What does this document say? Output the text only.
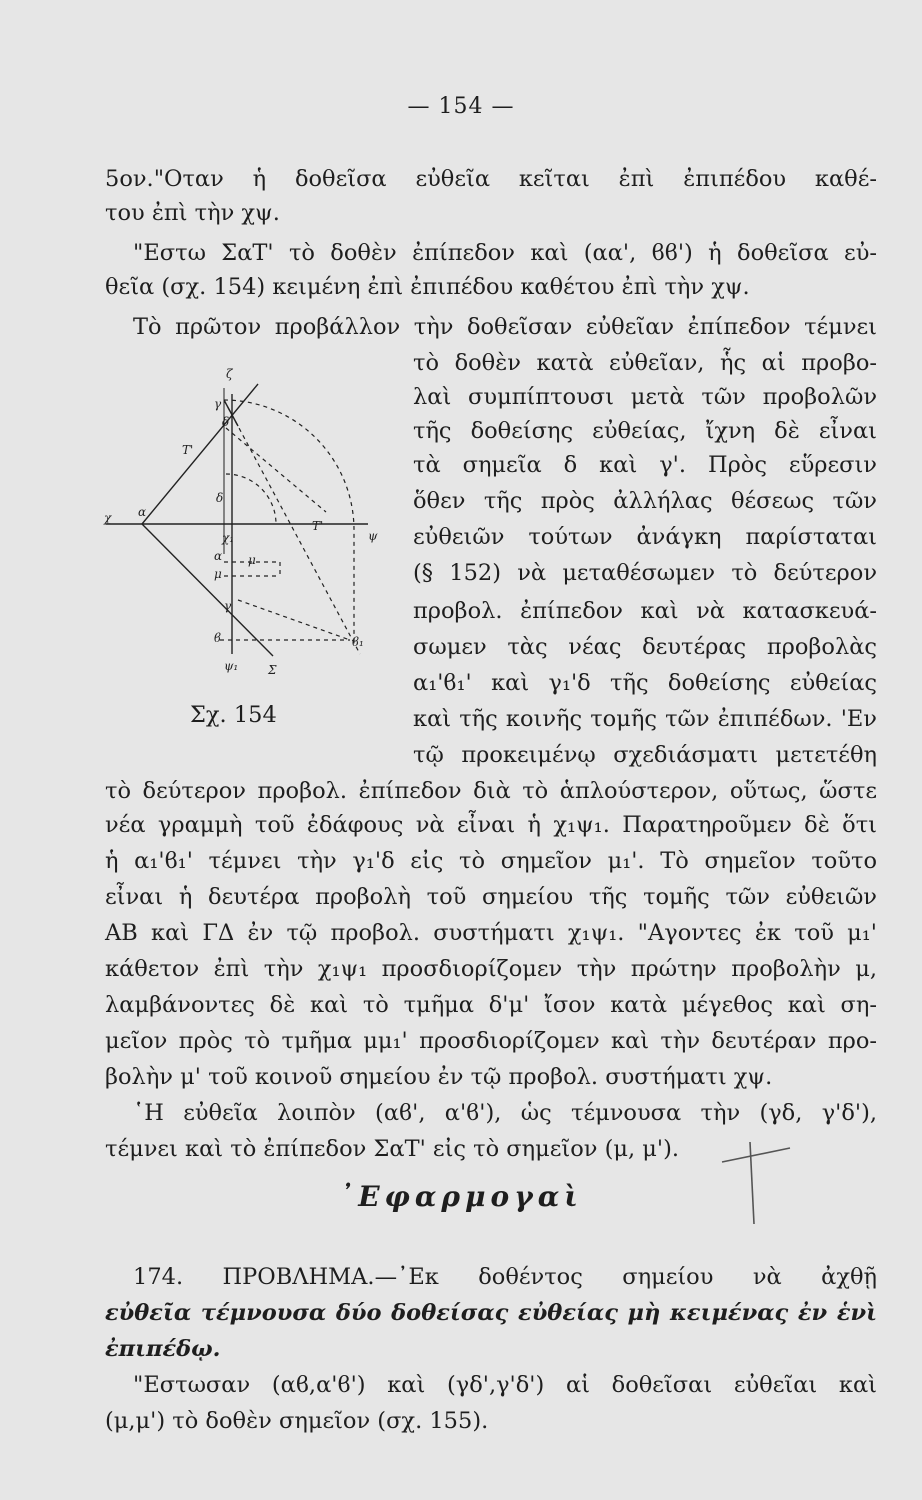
— 154 —
5ον."Οταν ἡ δοθεῖσα εὐθεῖα κεῖται ἐπὶ ἐπιπέδου καθέ-
του ἐπὶ τὴν χψ.
"Εστω ΣαΤ' τὸ δοθὲν ἐπίπεδον καὶ (αα', ϐϐ') ἡ δοθεῖσα εὐ-
θεῖα (σχ. 154) κειμένη ἐπὶ ἐπιπέδου καθέτου ἐπὶ τὴν χψ.
Τὸ πρῶτον προβάλλον τὴν δοθεῖσαν εὐθεῖαν ἐπίπεδον τέμνει
τὸ δοθὲν κατὰ εὐθεῖαν, ἧς αἱ προβο-
λαὶ συμπίπτουσι μετὰ τῶν προβολῶν
τῆς δοθείσης εὐθείας, ἴχνη δὲ εἶναι
τὰ σημεῖα δ καὶ γ'. Πρὸς εὕρεσιν
ὅθεν τῆς πρὸς ἀλλήλας θέσεως τῶν
εὐθειῶν τούτων ἀνάγκη παρίσταται
(§ 152) νὰ μεταθέσωμεν τὸ δεύτερον
προβολ. ἐπίπεδον καὶ νὰ κατασκευά-
σωμεν τὰς νέας δευτέρας προβολὰς
α₁'ϐ₁' καὶ γ₁'δ τῆς δοθείσης εὐθείας
καὶ τῆς κοινῆς τομῆς τῶν ἐπιπέδων. 'Εν
τῷ προκειμένῳ σχεδιάσματι μετετέθη
Σχ. 154
χ α
Τ'
Τ'
ζ
γ
δ
δ
α
μ
μ
ϐ	ϐ₁
ψ
Σ
ψ₁
γ
χ₁
τὸ δεύτερον προβολ. ἐπίπεδον διὰ τὸ ἁπλούστερον, οὕτως, ὥστε
νέα γραμμὴ τοῦ ἐδάφους νὰ εἶναι ἡ χ₁ψ₁. Παρατηροῦμεν δὲ ὅτι
ἡ α₁'ϐ₁' τέμνει τὴν γ₁'δ εἰς τὸ σημεῖον μ₁'. Τὸ σημεῖον τοῦτο
εἶναι ἡ δευτέρα προβολὴ τοῦ σημείου τῆς τομῆς τῶν εὐθειῶν
ΑΒ καὶ ΓΔ ἐν τῷ προβολ. συστήματι χ₁ψ₁. "Αγοντες ἐκ τοῦ μ₁'
κάθετον ἐπὶ τὴν χ₁ψ₁ προσδιορίζομεν τὴν πρώτην προβολὴν μ,
λαμβάνοντες δὲ καὶ τὸ τμῆμα δ'μ' ἴσον κατὰ μέγεθος καὶ ση-
μεῖον πρὸς τὸ τμῆμα μμ₁' προσδιορίζομεν καὶ τὴν δευτέραν προ-
βολὴν μ' τοῦ κοινοῦ σημείου ἐν τῷ προβολ. συστήματι χψ.
῾Η εὐθεῖα λοιπὸν (αϐ', α'ϐ'), ὡς τέμνουσα τὴν (γδ, γ'δ'),
τέμνει καὶ τὸ ἐπίπεδον ΣαΤ' εἰς τὸ σημεῖον (μ, μ').
᾿Εφαρμογαὶ
174. ΠΡΟΒΛΗΜΑ.—᾿Εκ δοθέντος σημείου νὰ ἀχθῇ
εὐθεῖα τέμνουσα δύο δοθείσας εὐθείας μὴ κειμένας ἐν ἑνὶ
ἐπιπέδῳ.
"Εστωσαν (αϐ,α'ϐ') καὶ (γδ',γ'δ') αἱ δοθεῖσαι εὐθεῖαι καὶ
(μ,μ') τὸ δοθὲν σημεῖον (σχ. 155).
